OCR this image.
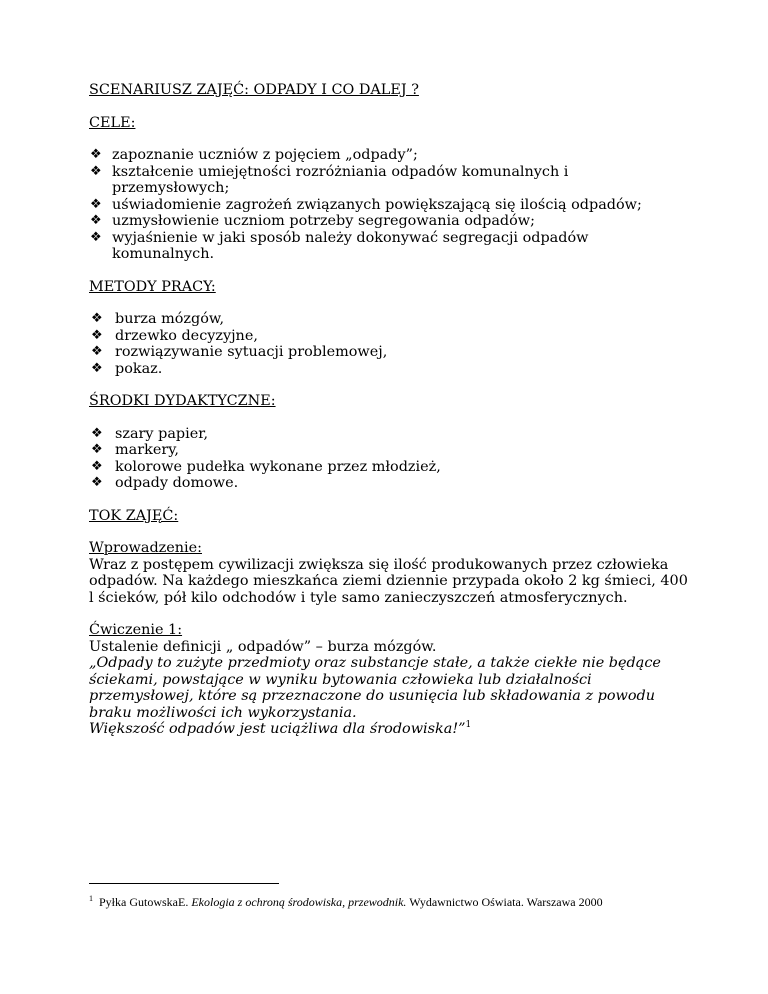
SCENARIUSZ ZAJĘĆ: ODPADY I CO DALEJ ?

CELE:

❖ zapoznanie uczniów z pojęciem „odpady”;
❖ kształcenie umiejętności rozróżniania odpadów komunalnych i przemysłowych;
❖ uświadomienie zagrożeń związanych powiększającą się ilością odpadów;
❖ uzmysłowienie uczniom potrzeby segregowania odpadów;
❖ wyjaśnienie w jaki sposób należy dokonywać segregacji odpadów komunalnych.

METODY PRACY:

❖ burza mózgów,
❖ drzewko decyzyjne,
❖ rozwiązywanie sytuacji problemowej,
❖ pokaz.

ŚRODKI DYDAKTYCZNE:

❖ szary papier,
❖ markery,
❖ kolorowe pudełka wykonane przez młodzież,
❖ odpady domowe.

TOK ZAJĘĆ:

Wprowadzenie:

Wraz z postępem cywilizacji zwiększa się ilość produkowanych przez człowieka odpadów. Na każdego mieszkańca ziemi dziennie przypada około 2 kg śmieci, 400 l ścieków, pół kilo odchodów i tyle samo zanieczyszczeń atmosferycznych.

Ćwiczenie 1:

Ustalenie definicji „ odpadów” – burza mózgów.

„Odpady to zużyte przedmioty oraz substancje stałe, a także ciekłe nie będące ściekami, powstające w wyniku bytowania człowieka lub działalności przemysłowej, które są przeznaczone do usunięcia lub składowania z powodu braku możliwości ich wykorzystania.

Większość odpadów jest uciążliwa dla środowiska!”$^1$

$^1$ Pyłka GutowskaE. Ekologia z ochroną środowiska, przewodnik. Wydawnictwo Oświata. Warszawa 2000
